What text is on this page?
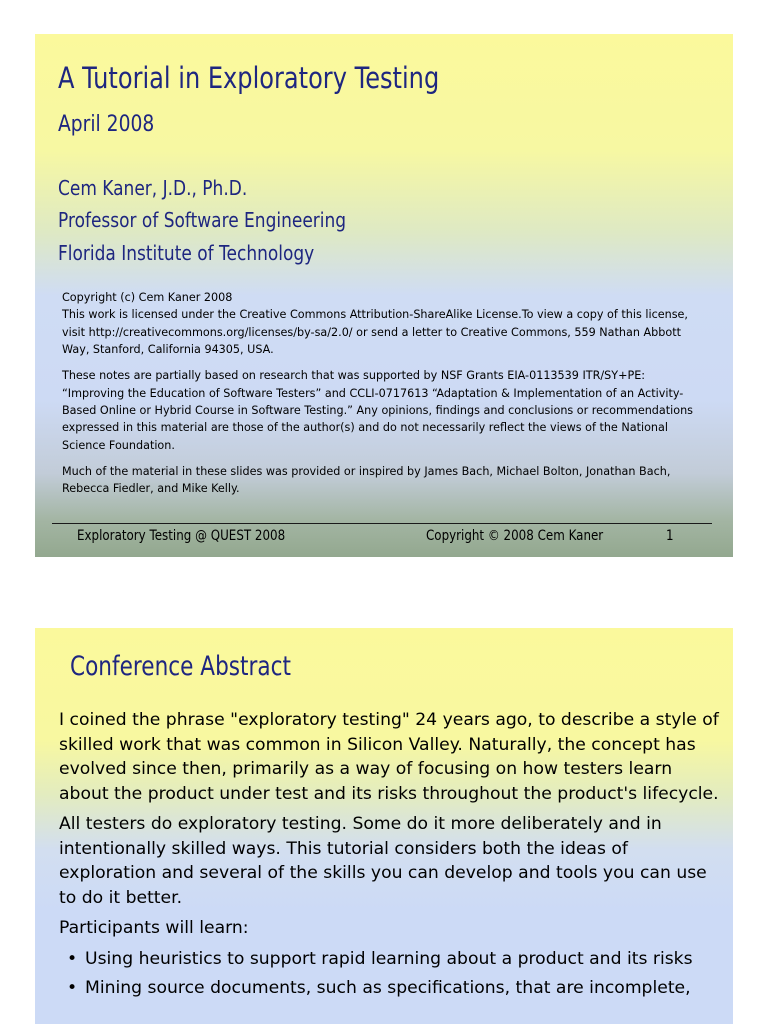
A Tutorial in Exploratory Testing
April 2008
Cem Kaner, J.D., Ph.D.
Professor of Software Engineering
Florida Institute of Technology

Copyright (c) Cem Kaner 2008
This work is licensed under the Creative Commons Attribution-ShareAlike License.To view a copy of this license, visit http://creativecommons.org/licenses/by-sa/2.0/ or send a letter to Creative Commons, 559 Nathan Abbott Way, Stanford, California 94305, USA.

These notes are partially based on research that was supported by NSF Grants EIA-0113539 ITR/SY+PE: “Improving the Education of Software Testers” and CCLI-0717613 “Adaptation & Implementation of an Activity-Based Online or Hybrid Course in Software Testing.” Any opinions, findings and conclusions or recommendations expressed in this material are those of the author(s) and do not necessarily reflect the views of the National Science Foundation.

Much of the material in these slides was provided or inspired by James Bach, Michael Bolton, Jonathan Bach, Rebecca Fiedler, and Mike Kelly.

Exploratory Testing @ QUEST 2008	Copyright © 2008 Cem Kaner	1
Conference Abstract

I coined the phrase "exploratory testing" 24 years ago, to describe a style of skilled work that was common in Silicon Valley. Naturally, the concept has evolved since then, primarily as a way of focusing on how testers learn about the product under test and its risks throughout the product's lifecycle.

All testers do exploratory testing. Some do it more deliberately and in intentionally skilled ways. This tutorial considers both the ideas of exploration and several of the skills you can develop and tools you can use to do it better.

Participants will learn:

• Using heuristics to support rapid learning about a product and its risks
• Mining source documents, such as specifications, that are incomplete,
